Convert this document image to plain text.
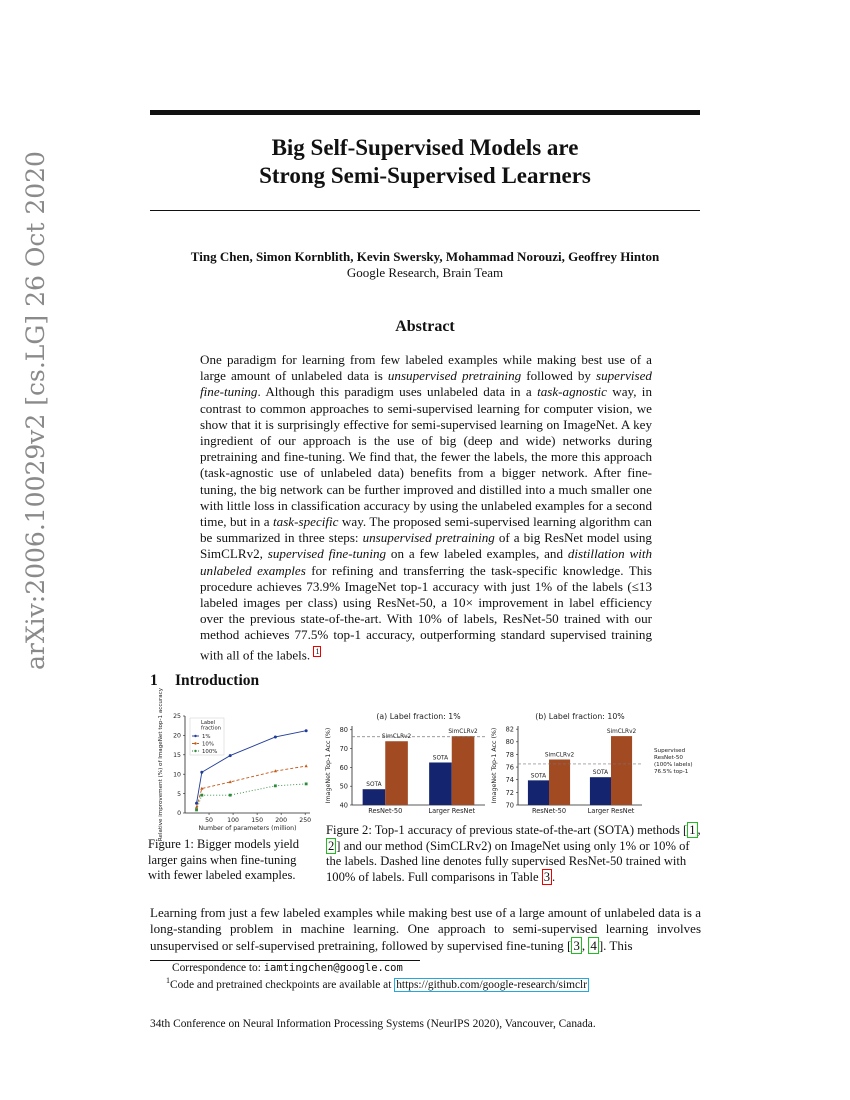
arXiv:2006.10029v2 [cs.LG] 26 Oct 2020
Big Self-Supervised Models are
Strong Semi-Supervised Learners
Ting Chen, Simon Kornblith, Kevin Swersky, Mohammad Norouzi, Geoffrey Hinton
Google Research, Brain Team
Abstract
One paradigm for learning from few labeled examples while making best use of a large amount of unlabeled data is unsupervised pretraining followed by supervised fine-tuning. Although this paradigm uses unlabeled data in a task-agnostic way, in contrast to common approaches to semi-supervised learning for computer vision, we show that it is surprisingly effective for semi-supervised learning on ImageNet. A key ingredient of our approach is the use of big (deep and wide) networks during pretraining and fine-tuning. We find that, the fewer the labels, the more this approach (task-agnostic use of unlabeled data) benefits from a bigger network. After fine-tuning, the big network can be further improved and distilled into a much smaller one with little loss in classification accuracy by using the unlabeled examples for a second time, but in a task-specific way. The proposed semi-supervised learning algorithm can be summarized in three steps: unsupervised pretraining of a big ResNet model using SimCLRv2, supervised fine-tuning on a few labeled examples, and distillation with unlabeled examples for refining and transferring the task-specific knowledge. This procedure achieves 73.9% ImageNet top-1 accuracy with just 1% of the labels (≤13 labeled images per class) using ResNet-50, a 10× improvement in label efficiency over the previous state-of-the-art. With 10% of labels, ResNet-50 trained with our method achieves 77.5% top-1 accuracy, outperforming standard supervised training with all of the labels. $^1$
1 Introduction
0
5
10
15
20
25
50 100 150 200 250
Number of parameters (million)
Relative improvement (%) of ImageNet top-1 accuracy	Label
fraction
1%
10%
100%
Figure 1: Bigger models yield larger gains when fine-tuning with fewer labeled examples.
(a) Label fraction: 1%
40
50
60
70
80
ImageNet Top-1 Acc (%)
ResNet-50
SOTA
SimCLRv2
Larger ResNet
SOTA
SimCLRv2
(b) Label fraction: 10%
70
72
74
76
78
80
82
ImageNet Top-1 Acc (%)
ResNet-50
SOTA
SimCLRv2
Larger ResNet
SOTA
SimCLRv2
Supervised
ResNet-50
(100% labels)
76.5% top-1
Figure 2: Top-1 accuracy of previous state-of-the-art (SOTA) methods [ 1 , 2 ] and our method (SimCLRv2) on ImageNet using only 1% or 10% of the labels. Dashed line denotes fully supervised ResNet-50 trained with 100% of labels. Full comparisons in Table 3 .
Learning from just a few labeled examples while making best use of a large amount of unlabeled data is a long-standing problem in machine learning. One approach to semi-supervised learning involves unsupervised or self-supervised pretraining, followed by supervised fine-tuning [ 3 , 4 ]. This
Correspondence to: iamtingchen@google.com
$^1$Code and pretrained checkpoints are available at https://github.com/google-research/simclr
34th Conference on Neural Information Processing Systems (NeurIPS 2020), Vancouver, Canada.
